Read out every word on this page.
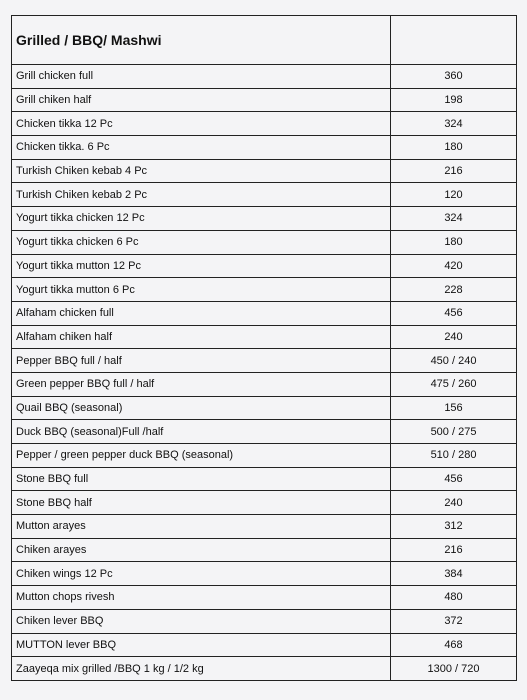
Grilled / BBQ/ Mashwi	
Grill chicken full	360
Grill chiken half	198
Chicken tikka 12 Pc	324
Chicken tikka. 6 Pc	180
Turkish Chiken kebab 4 Pc	216
Turkish Chiken kebab 2 Pc	120
Yogurt tikka chicken 12 Pc	324
Yogurt tikka chicken 6 Pc	180
Yogurt tikka mutton 12 Pc	420
Yogurt tikka mutton 6 Pc	228
Alfaham chicken full	456
Alfaham chiken half	240
Pepper BBQ full / half	450 / 240
Green pepper BBQ full / half	475 / 260
Quail BBQ (seasonal)	156
Duck BBQ (seasonal)Full /half	500 / 275
Pepper / green pepper duck BBQ (seasonal)	510 / 280
Stone BBQ full	456
Stone BBQ half	240
Mutton arayes	312
Chiken arayes	216
Chiken wings 12 Pc	384
Mutton chops rivesh	480
Chiken lever BBQ	372
MUTTON lever BBQ	468
Zaayeqa mix grilled /BBQ 1 kg / 1/2 kg	1300 / 720
